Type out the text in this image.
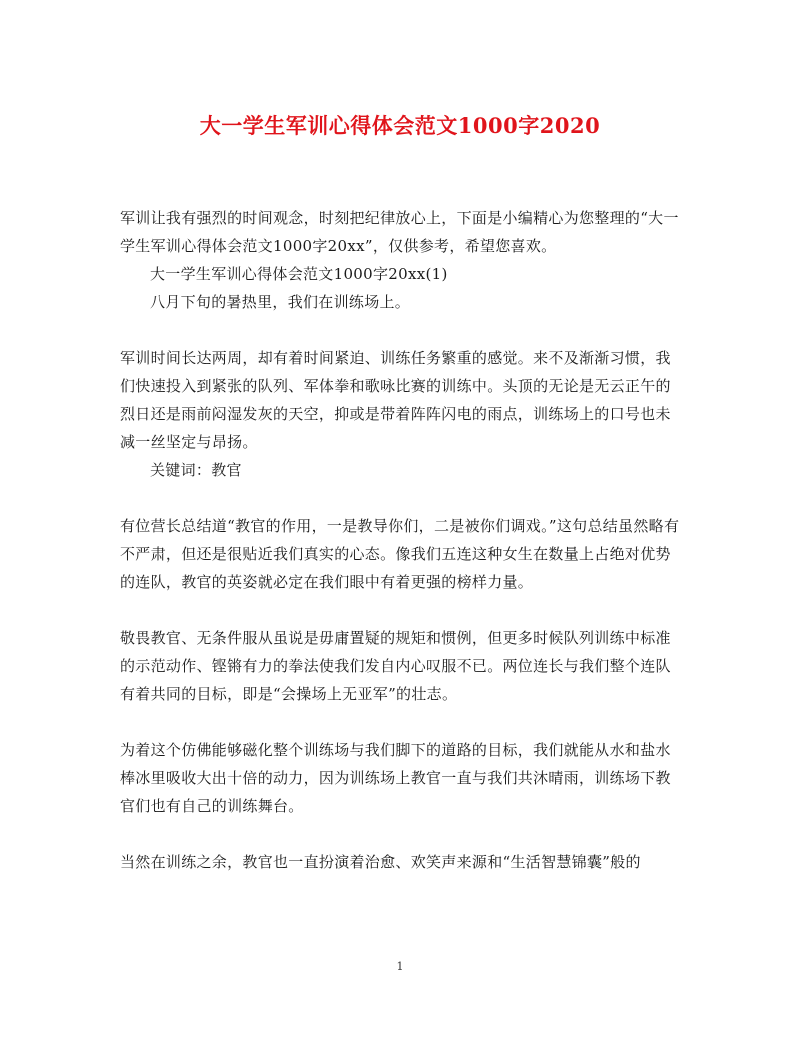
大一学生军训心得体会范文1000字2020

军训让我有强烈的时间观念，时刻把纪律放心上，下面是小编精心为您整理的“大一学生军训心得体会范文1000字20xx”，仅供参考，希望您喜欢。

大一学生军训心得体会范文1000字20xx(1)

八月下旬的暑热里，我们在训练场上。

军训时间长达两周，却有着时间紧迫、训练任务繁重的感觉。来不及渐渐习惯，我们快速投入到紧张的队列、军体拳和歌咏比赛的训练中。头顶的无论是无云正午的烈日还是雨前闷湿发灰的天空，抑或是带着阵阵闪电的雨点，训练场上的口号也未减一丝坚定与昂扬。

关键词：教官

有位营长总结道“教官的作用，一是教导你们，二是被你们调戏。”这句总结虽然略有不严肃，但还是很贴近我们真实的心态。像我们五连这种女生在数量上占绝对优势的连队，教官的英姿就必定在我们眼中有着更强的榜样力量。

敬畏教官、无条件服从虽说是毋庸置疑的规矩和惯例，但更多时候队列训练中标准的示范动作、铿锵有力的拳法使我们发自内心叹服不已。两位连长与我们整个连队有着共同的目标，即是“会操场上无亚军”的壮志。

为着这个仿佛能够磁化整个训练场与我们脚下的道路的目标，我们就能从水和盐水棒冰里吸收大出十倍的动力，因为训练场上教官一直与我们共沐晴雨，训练场下教官们也有自己的训练舞台。

当然在训练之余，教官也一直扮演着治愈、欢笑声来源和“生活智慧锦囊”般的

1
